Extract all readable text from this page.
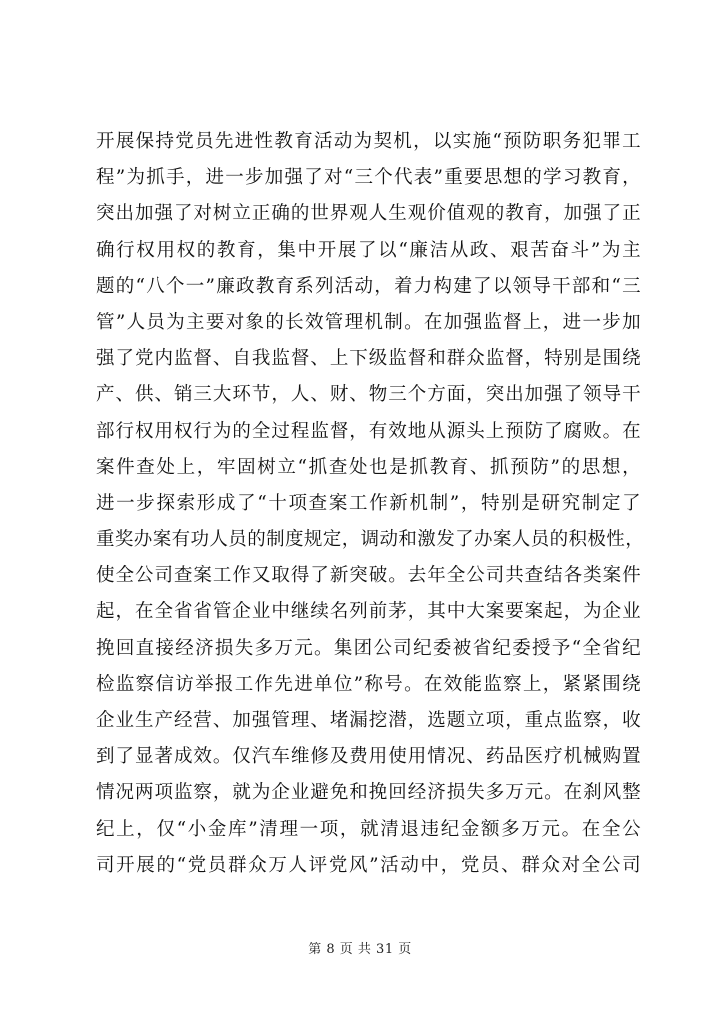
开展保持党员先进性教育活动为契机，以实施“预防职务犯罪工
程”为抓手，进一步加强了对“三个代表”重要思想的学习教育，
突出加强了对树立正确的世界观人生观价值观的教育，加强了正
确行权用权的教育，集中开展了以“廉洁从政、艰苦奋斗”为主
题的“八个一”廉政教育系列活动，着力构建了以领导干部和“三
管”人员为主要对象的长效管理机制。在加强监督上，进一步加
强了党内监督、自我监督、上下级监督和群众监督，特别是围绕
产、供、销三大环节，人、财、物三个方面，突出加强了领导干
部行权用权行为的全过程监督，有效地从源头上预防了腐败。在
案件查处上，牢固树立“抓查处也是抓教育、抓预防”的思想，
进一步探索形成了“十项查案工作新机制”，特别是研究制定了
重奖办案有功人员的制度规定，调动和激发了办案人员的积极性，
使全公司查案工作又取得了新突破。去年全公司共查结各类案件
起，在全省省管企业中继续名列前茅，其中大案要案起，为企业
挽回直接经济损失多万元。集团公司纪委被省纪委授予“全省纪
检监察信访举报工作先进单位”称号。在效能监察上，紧紧围绕
企业生产经营、加强管理、堵漏挖潜，选题立项，重点监察，收
到了显著成效。仅汽车维修及费用使用情况、药品医疗机械购置
情况两项监察，就为企业避免和挽回经济损失多万元。在刹风整
纪上，仅“小金库”清理一项，就清退违纪金额多万元。在全公
司开展的“党员群众万人评党风”活动中，党员、群众对全公司
第 8 页 共 31 页
